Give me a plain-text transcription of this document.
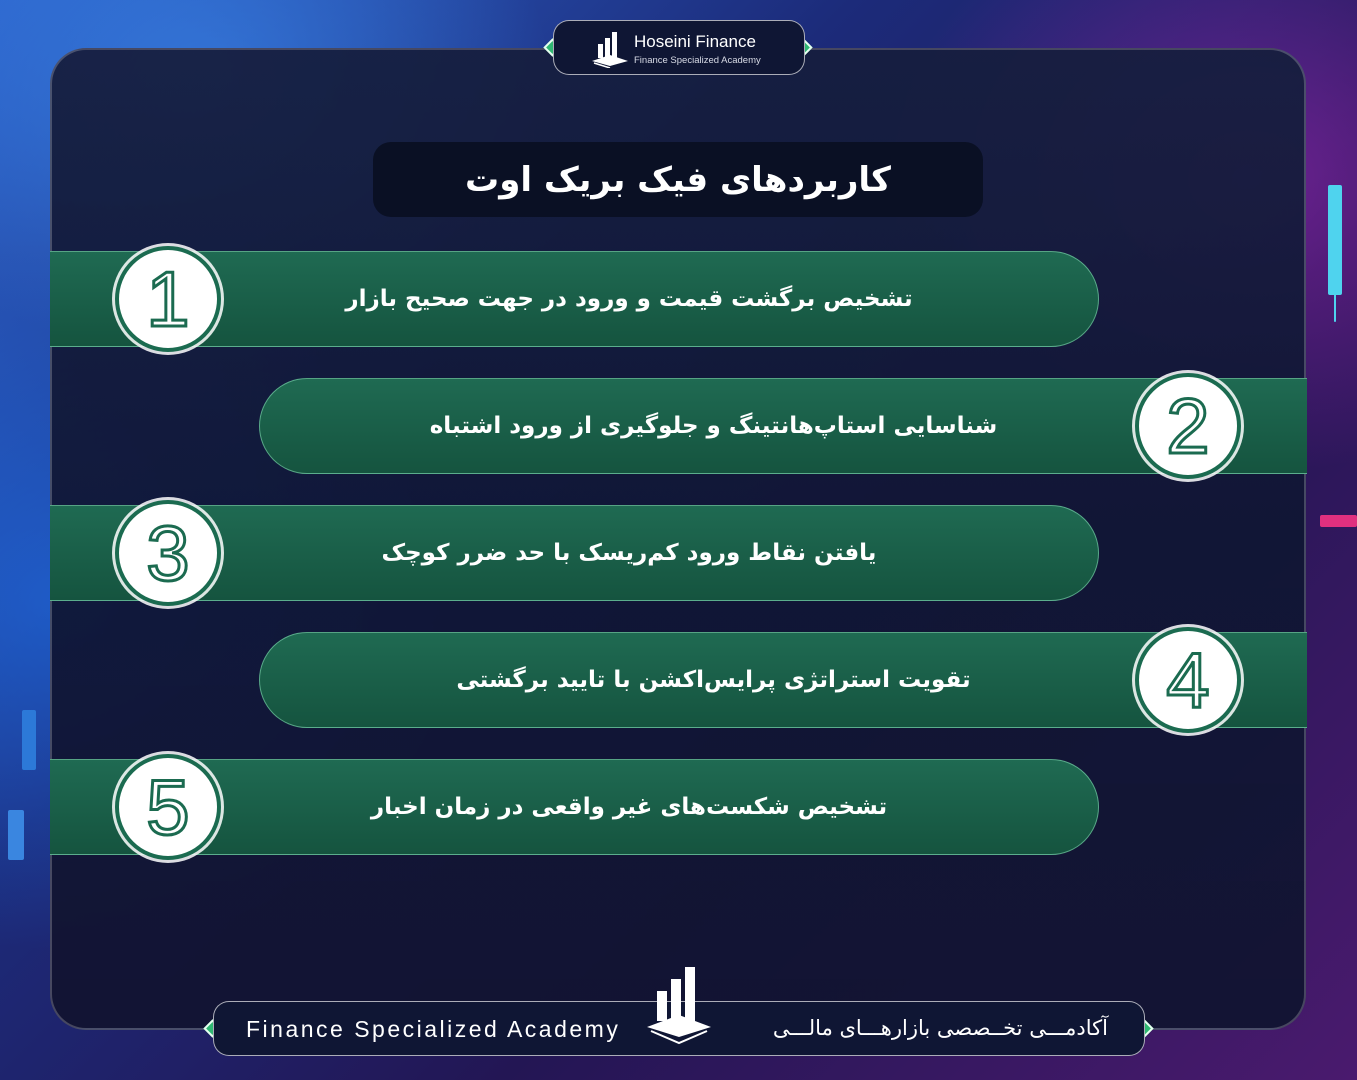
Hoseini Finance
Finance Specialized Academy
کاربردهای فیک بریک اوت
تشخیص برگشت قیمت و ورود در جهت صحیح بازار
1
شناسایی استاپ‌هانتینگ و جلوگیری از ورود اشتباه	2
یافتن نقاط ورود کم‌ریسک با حد ضرر کوچک
3
تقویت استراتژی پرایس‌اکشن با تایید برگشتی	4
تشخیص شکست‌های غیر واقعی در زمان اخبار
5
Finance Specialized Academy	آکادمـــی تخــصصی بازارهـــای مالـــی
